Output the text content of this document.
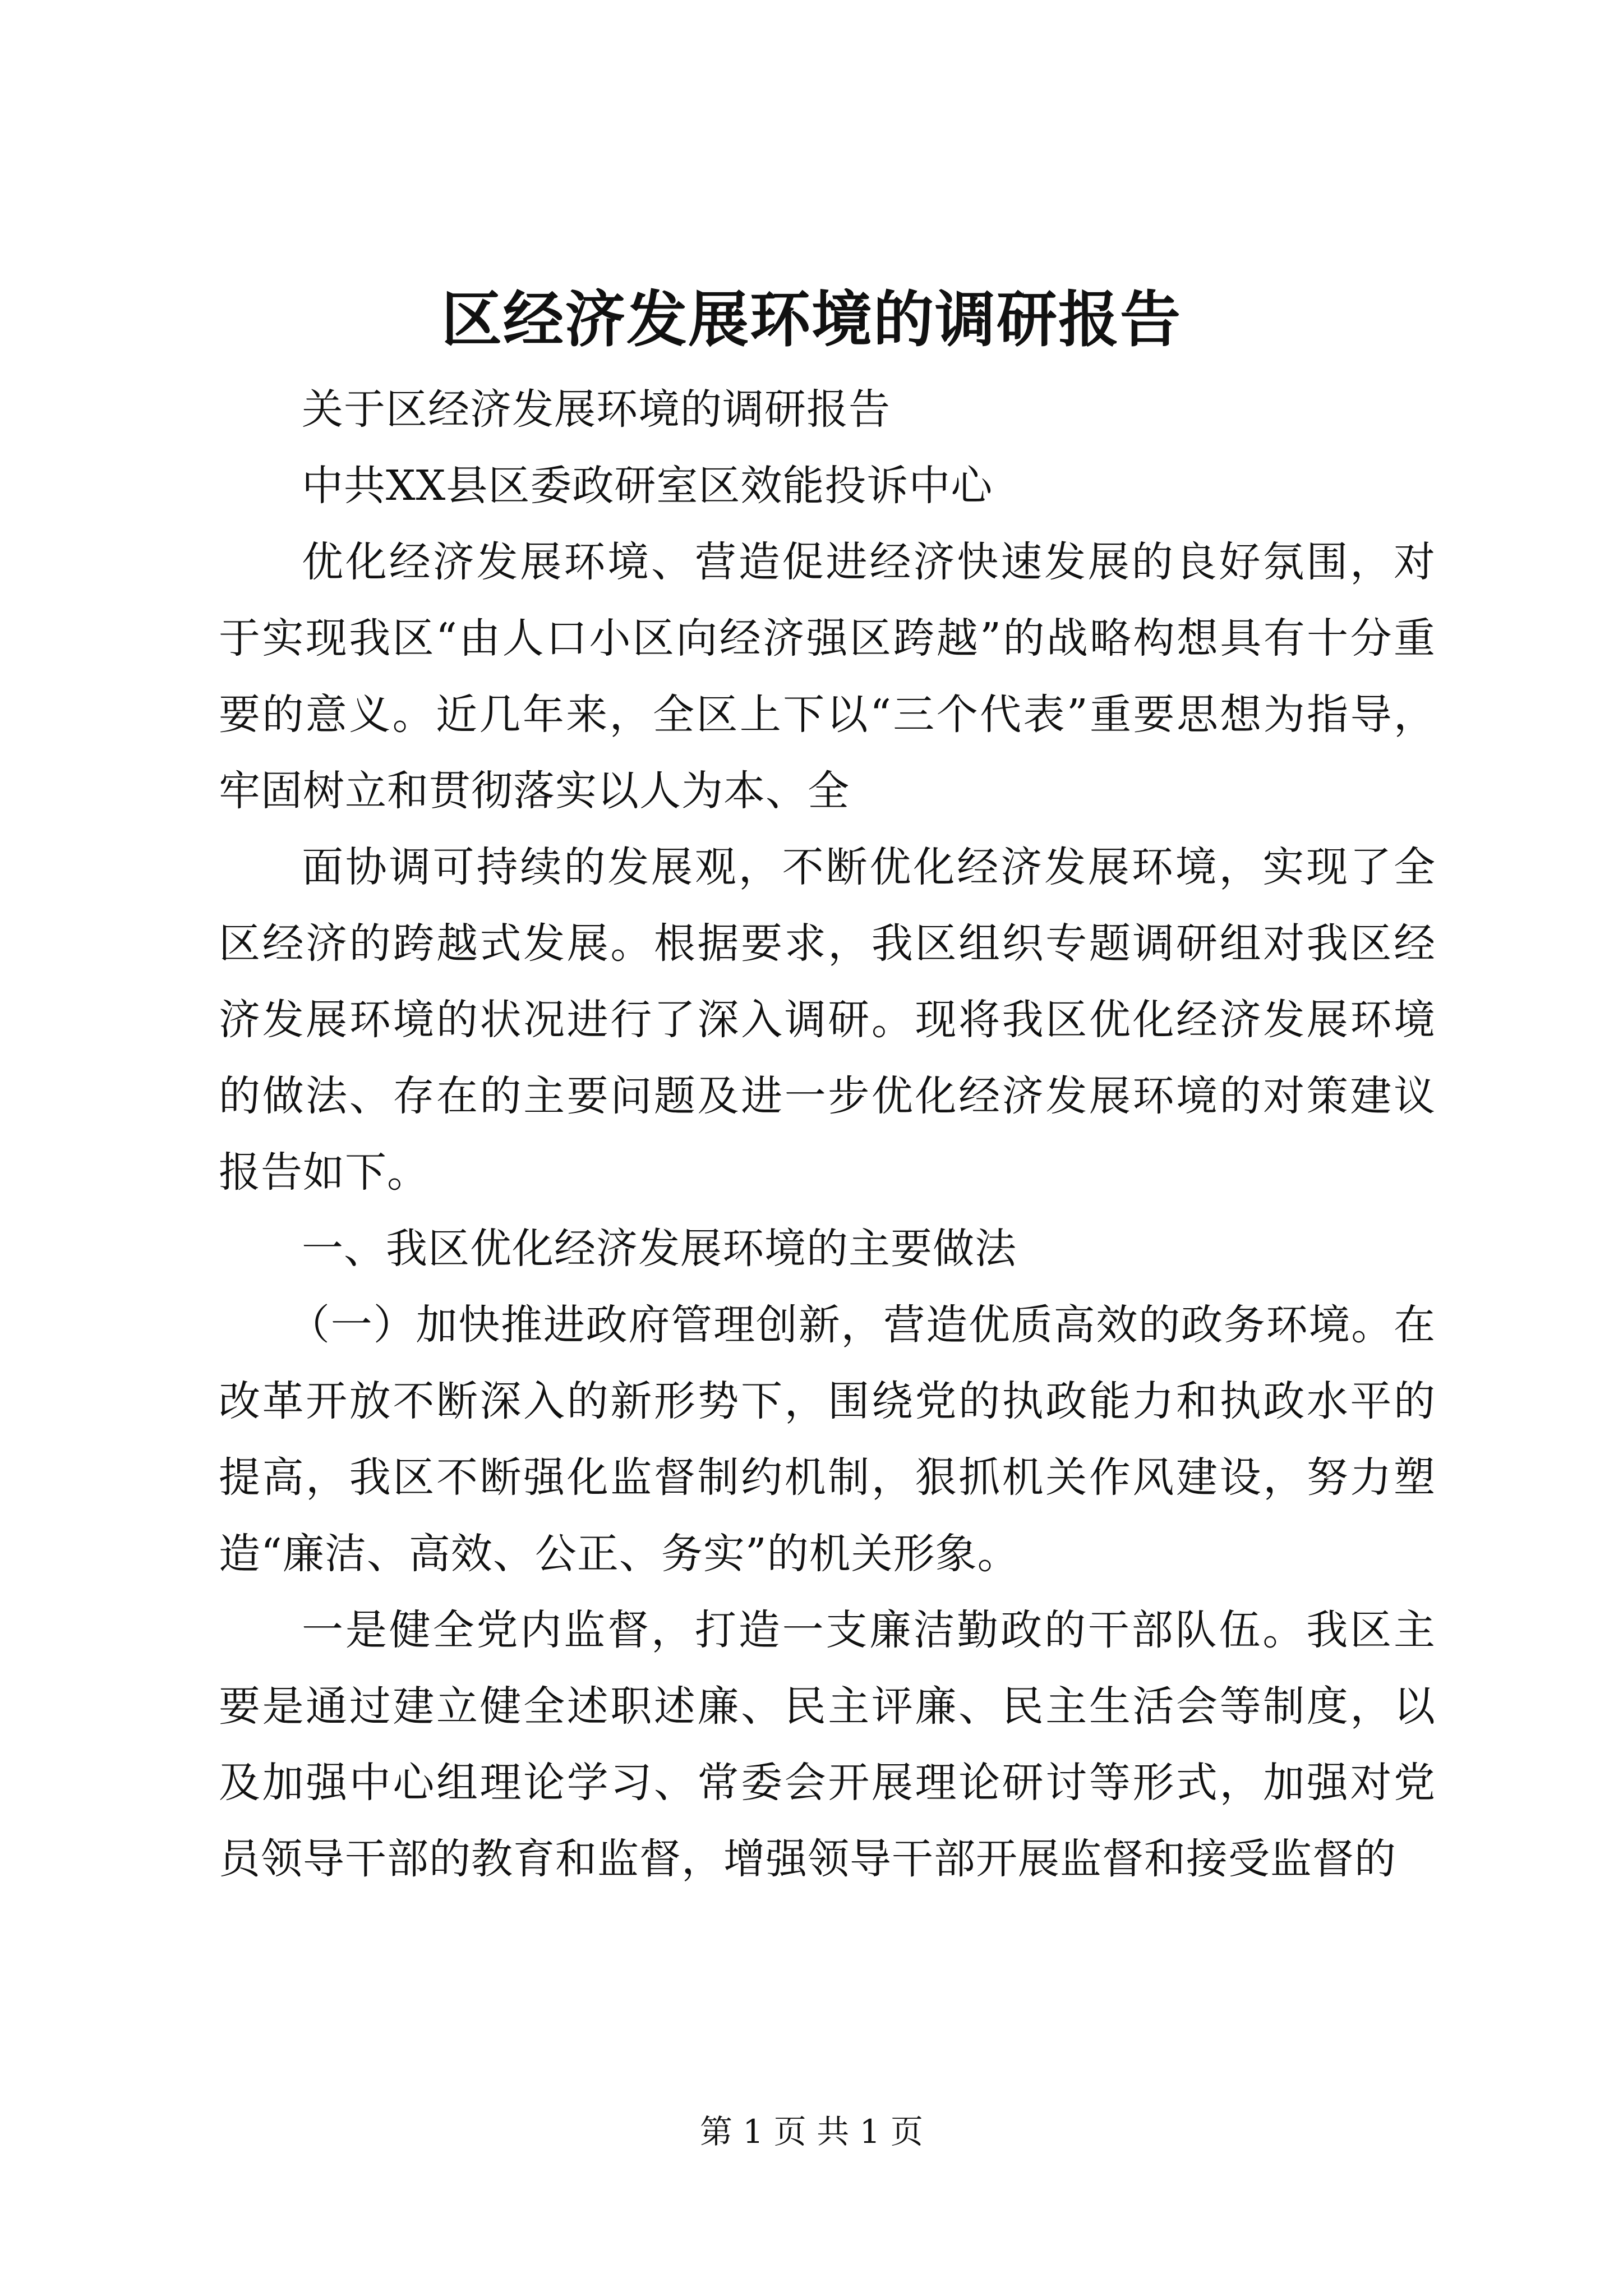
区经济发展环境的调研报告

关于区经济发展环境的调研报告

中共XX县区委政研室区效能投诉中心

优化经济发展环境、营造促进经济快速发展的良好氛围，对于实现我区“由人口小区向经济强区跨越”的战略构想具有十分重要的意义。近几年来，全区上下以“三个代表”重要思想为指导，牢固树立和贯彻落实以人为本、全

面协调可持续的发展观，不断优化经济发展环境，实现了全区经济的跨越式发展。根据要求，我区组织专题调研组对我区经济发展环境的状况进行了深入调研。现将我区优化经济发展环境的做法、存在的主要问题及进一步优化经济发展环境的对策建议报告如下。

一、我区优化经济发展环境的主要做法

（一）加快推进政府管理创新，营造优质高效的政务环境。在改革开放不断深入的新形势下，围绕党的执政能力和执政水平的提高，我区不断强化监督制约机制，狠抓机关作风建设，努力塑造“廉洁、高效、公正、务实”的机关形象。

一是健全党内监督，打造一支廉洁勤政的干部队伍。我区主要是通过建立健全述职述廉、民主评廉、民主生活会等制度，以及加强中心组理论学习、常委会开展理论研讨等形式，加强对党员领导干部的教育和监督，增强领导干部开展监督和接受监督的

第 1 页 共 1 页
